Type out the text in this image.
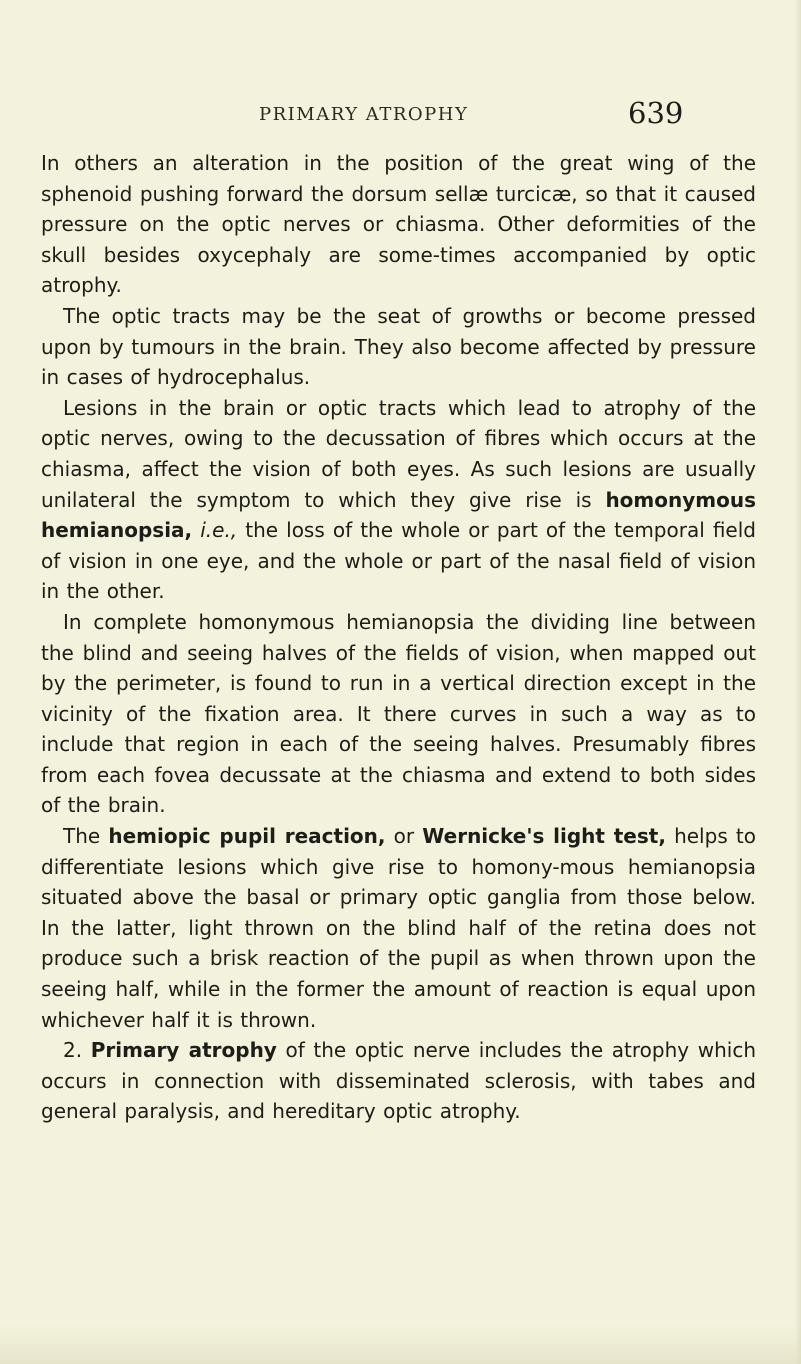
PRIMARY ATROPHY	639

In others an alteration in the position of the great wing of the sphenoid pushing forward the dorsum sellæ turcicæ, so that it caused pressure on the optic nerves or chiasma. Other deformities of the skull besides oxycephaly are some-times accompanied by optic atrophy.

The optic tracts may be the seat of growths or become pressed upon by tumours in the brain. They also become affected by pressure in cases of hydrocephalus.

Lesions in the brain or optic tracts which lead to atrophy of the optic nerves, owing to the decussation of fibres which occurs at the chiasma, affect the vision of both eyes. As such lesions are usually unilateral the symptom to which they give rise is homonymous hemianopsia, i.e., the loss of the whole or part of the temporal field of vision in one eye, and the whole or part of the nasal field of vision in the other.

In complete homonymous hemianopsia the dividing line between the blind and seeing halves of the fields of vision, when mapped out by the perimeter, is found to run in a vertical direction except in the vicinity of the fixation area. It there curves in such a way as to include that region in each of the seeing halves. Presumably fibres from each fovea decussate at the chiasma and extend to both sides of the brain.

The hemiopic pupil reaction, or Wernicke's light test, helps to differentiate lesions which give rise to homony-mous hemianopsia situated above the basal or primary optic ganglia from those below. In the latter, light thrown on the blind half of the retina does not produce such a brisk reaction of the pupil as when thrown upon the seeing half, while in the former the amount of reaction is equal upon whichever half it is thrown.

2. Primary atrophy of the optic nerve includes the atrophy which occurs in connection with disseminated sclerosis, with tabes and general paralysis, and hereditary optic atrophy.
